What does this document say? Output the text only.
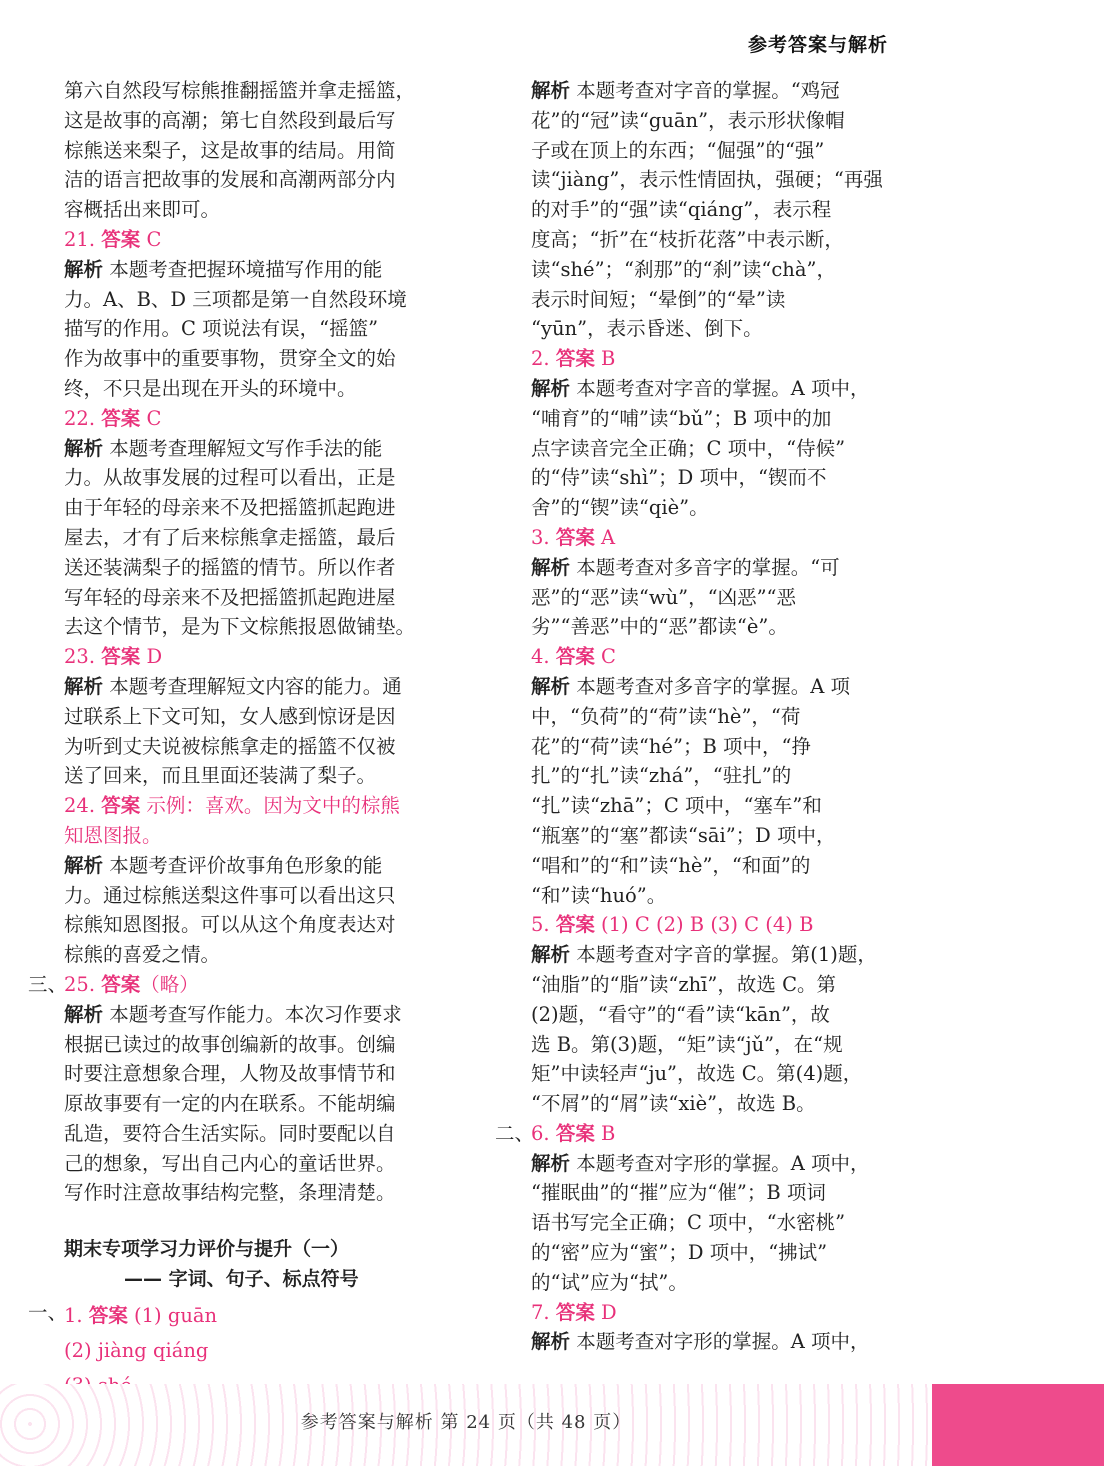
参考答案与解析
第六自然段写棕熊推翻摇篮并拿走摇篮，
这是故事的高潮；第七自然段到最后写
棕熊送来梨子，这是故事的结局。用简
洁的语言把故事的发展和高潮两部分内
容概括出来即可。
21. 答案 C
解析 本题考查把握环境描写作用的能
力。A、B、D 三项都是第一自然段环境
描写的作用。C 项说法有误，“摇篮”
作为故事中的重要事物，贯穿全文的始
终，不只是出现在开头的环境中。
22. 答案 C
解析 本题考查理解短文写作手法的能
力。从故事发展的过程可以看出，正是
由于年轻的母亲来不及把摇篮抓起跑进
屋去，才有了后来棕熊拿走摇篮，最后
送还装满梨子的摇篮的情节。所以作者
写年轻的母亲来不及把摇篮抓起跑进屋
去这个情节，是为下文棕熊报恩做铺垫。
23. 答案 D
解析 本题考查理解短文内容的能力。通
过联系上下文可知，女人感到惊讶是因
为听到丈夫说被棕熊拿走的摇篮不仅被
送了回来，而且里面还装满了梨子。
24. 答案 示例：喜欢。因为文中的棕熊
知恩图报。
解析 本题考查评价故事角色形象的能
力。通过棕熊送梨这件事可以看出这只
棕熊知恩图报。可以从这个角度表达对
棕熊的喜爱之情。
三、
25. 答案（略）
解析 本题考查写作能力。本次习作要求
根据已读过的故事创编新的故事。创编
时要注意想象合理，人物及故事情节和
原故事要有一定的内在联系。不能胡编
乱造，要符合生活实际。同时要配以自
己的想象，写出自己内心的童话世界。
写作时注意故事结构完整，条理清楚。
期末专项学习力评价与提升（一）
—— 字词、句子、标点符号
一、
1. 答案 (1) guān
(2) jiàng qiáng
解析 本题考查对字音的掌握。“鸡冠
花”的“冠”读“guān”，表示形状像帽
子或在顶上的东西；“倔强”的“强”
读“jiàng”，表示性情固执，强硬；“再强
的对手”的“强”读“qiáng”，表示程
度高；“折”在“枝折花落”中表示断，
读“shé”；“刹那”的“刹”读“chà”，
表示时间短；“晕倒”的“晕”读
“yūn”，表示昏迷、倒下。
2. 答案 B
解析 本题考查对字音的掌握。A 项中，
“哺育”的“哺”读“bǔ”；B 项中的加
点字读音完全正确；C 项中，“侍候”
的“侍”读“shì”；D 项中，“锲而不
舍”的“锲”读“qiè”。
3. 答案 A
解析 本题考查对多音字的掌握。“可
恶”的“恶”读“wù”，“凶恶”“恶
劣”“善恶”中的“恶”都读“è”。
4. 答案 C
解析 本题考查对多音字的掌握。A 项
中，“负荷”的“荷”读“hè”，“荷
花”的“荷”读“hé”；B 项中，“挣
扎”的“扎”读“zhá”，“驻扎”的
“扎”读“zhā”；C 项中，“塞车”和
“瓶塞”的“塞”都读“sāi”；D 项中，
“唱和”的“和”读“hè”，“和面”的
“和”读“huó”。
5. 答案 (1) C (2) B (3) C (4) B
解析 本题考查对字音的掌握。第(1)题，
“油脂”的“脂”读“zhī”，故选 C。第
(2)题，“看守”的“看”读“kān”，故
选 B。第(3)题，“矩”读“jǔ”，在“规
矩”中读轻声“ju”，故选 C。第(4)题，
“不屑”的“屑”读“xiè”，故选 B。
二、
6. 答案 B
解析 本题考查对字形的掌握。A 项中，
“摧眠曲”的“摧”应为“催”；B 项词
语书写完全正确；C 项中，“水密桃”
的“密”应为“蜜”；D 项中，“拂试”
的“试”应为“拭”。
7. 答案 D
解析 本题考查对字形的掌握。A 项中，
参考答案与解析 第 24 页（共 48 页）
